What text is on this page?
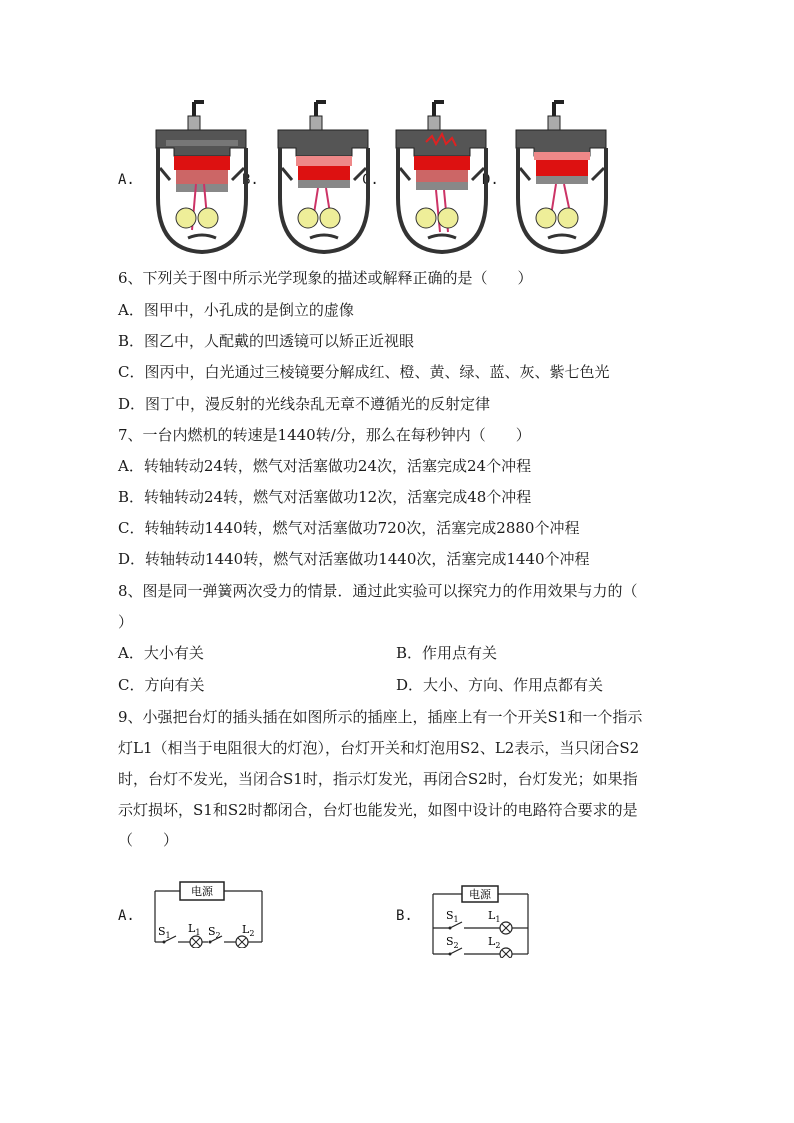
A.	B.	C.	D.
6、下列关于图中所示光学现象的描述或解释正确的是（　　）
A．图甲中，小孔成的是倒立的虚像
B．图乙中，人配戴的凹透镜可以矫正近视眼
C．图丙中，白光通过三棱镜要分解成红、橙、黄、绿、蓝、灰、紫七色光
D．图丁中，漫反射的光线杂乱无章不遵循光的反射定律
7、一台内燃机的转速是1440转/分，那么在每秒钟内（　　）
A．转轴转动24转，燃气对活塞做功24次，活塞完成24个冲程
B．转轴转动24转，燃气对活塞做功12次，活塞完成48个冲程
C．转轴转动1440转，燃气对活塞做功720次，活塞完成2880个冲程
D．转轴转动1440转，燃气对活塞做功1440次，活塞完成1440个冲程
8、图是同一弹簧两次受力的情景．通过此实验可以探究力的作用效果与力的（
）
A．大小有关	B．作用点有关
C．方向有关	D．大小、方向、作用点都有关
9、小强把台灯的插头插在如图所示的插座上，插座上有一个开关S1和一个指示
灯L1（相当于电阻很大的灯泡），台灯开关和灯泡用S2、L2表示，当只闭合S2
时，台灯不发光，当闭合S1时，指示灯发光，再闭合S2时，台灯发光；如果指
示灯损坏，S1和S2时都闭合，台灯也能发光，如图中设计的电路符合要求的是
（　　）
A.
电源
$S_1$
$L_1$ $S_2$ $L_2$
B.
电源
$S_1$	$L_1$
$S_2$	$L_2$
